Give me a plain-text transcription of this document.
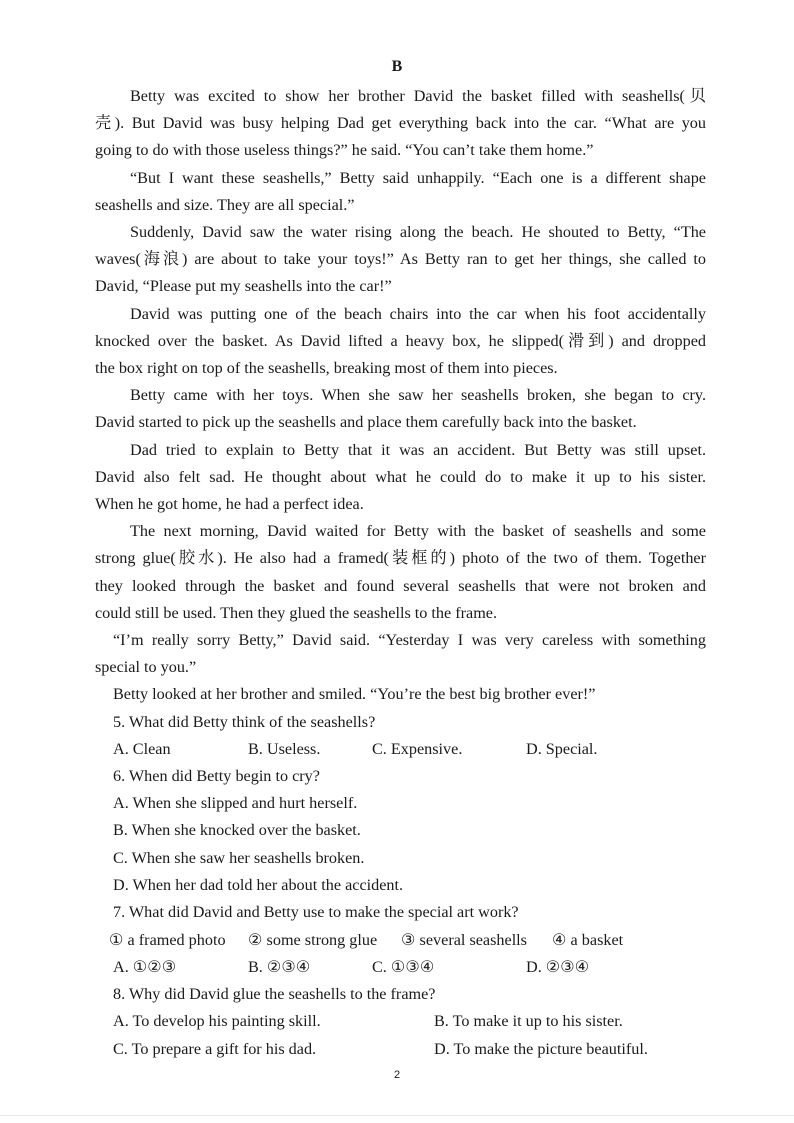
B
Betty was excited to show her brother David the basket filled with seashells(贝
壳). But David was busy helping Dad get everything back into the car. “What are you
going to do with those useless things?” he said. “You can’t take them home.”
“But I want these seashells,” Betty said unhappily. “Each one is a different shape
seashells and size. They are all special.”
Suddenly, David saw the water rising along the beach. He shouted to Betty, “The
waves(海浪) are about to take your toys!” As Betty ran to get her things, she called to
David, “Please put my seashells into the car!”
David was putting one of the beach chairs into the car when his foot accidentally
knocked over the basket. As David lifted a heavy box, he slipped(滑到) and dropped
the box right on top of the seashells, breaking most of them into pieces.
Betty came with her toys. When she saw her seashells broken, she began to cry.
David started to pick up the seashells and place them carefully back into the basket.
Dad tried to explain to Betty that it was an accident. But Betty was still upset.
David also felt sad. He thought about what he could do to make it up to his sister.
When he got home, he had a perfect idea.
The next morning, David waited for Betty with the basket of seashells and some
strong glue(胶水). He also had a framed(装框的) photo of the two of them. Together
they looked through the basket and found several seashells that were not broken and
could still be used. Then they glued the seashells to the frame.
“I’m really sorry Betty,” David said. “Yesterday I was very careless with something
special to you.”
Betty looked at her brother and smiled. “You’re the best big brother ever!”
5. What did Betty think of the seashells?
A. Clean	B. Useless.	C. Expensive.	D. Special.
6. When did Betty begin to cry?
A. When she slipped and hurt herself.
B. When she knocked over the basket.
C. When she saw her seashells broken.
D. When her dad told her about the accident.
7. What did David and Betty use to make the special art work?
① a framed photo ② some strong glue ③ several seashells ④ a basket
A. ①②③	B. ②③④	C. ①③④	D. ②③④
8. Why did David glue the seashells to the frame?
A. To develop his painting skill.	B. To make it up to his sister.
C. To prepare a gift for his dad.	D. To make the picture beautiful.
2
